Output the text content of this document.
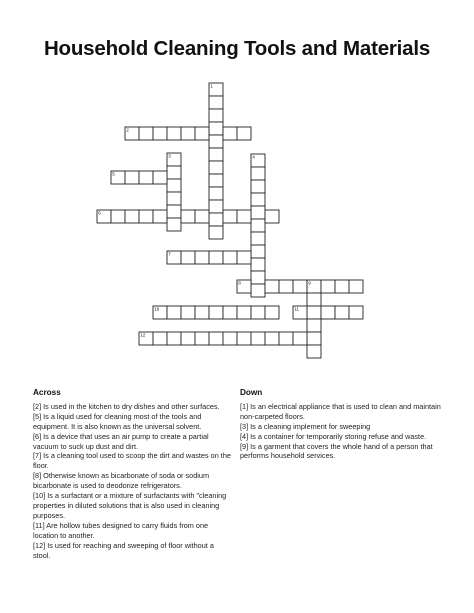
Household Cleaning Tools and Materials
1
2
3	4
5
6
7
8	9
10	11
12
Across

[2] Is used in the kitchen to dry dishes and other surfaces.

[5] Is a liquid used for cleaning most of the tools and equipment. It is also known as the universal solvent.

[6] Is a device that uses an air pump to create a partial vacuum to suck up dust and dirt.

[7] Is a cleaning tool used to scoop the dirt and wastes on the floor.

[8] Otherwise known as bicarbonate of soda or sodium bicarbonate is used to deodorize refrigerators.

[10] Is a surfactant or a mixture of surfactants with "cleaning properties in diluted solutions that is also used in cleaning purposes.

[11] Are hollow tubes designed to carry fluids from one location to another.

[12] Is used for reaching and sweeping of floor without a stool.

Down

[1] Is an electrical appliance that is used to clean and maintain non-carpeted floors.

[3] Is a cleaning implement for sweeping

[4] Is a container for temporarily storing refuse and waste.

[9] Is a garment that covers the whole hand of a person that performs household services.
